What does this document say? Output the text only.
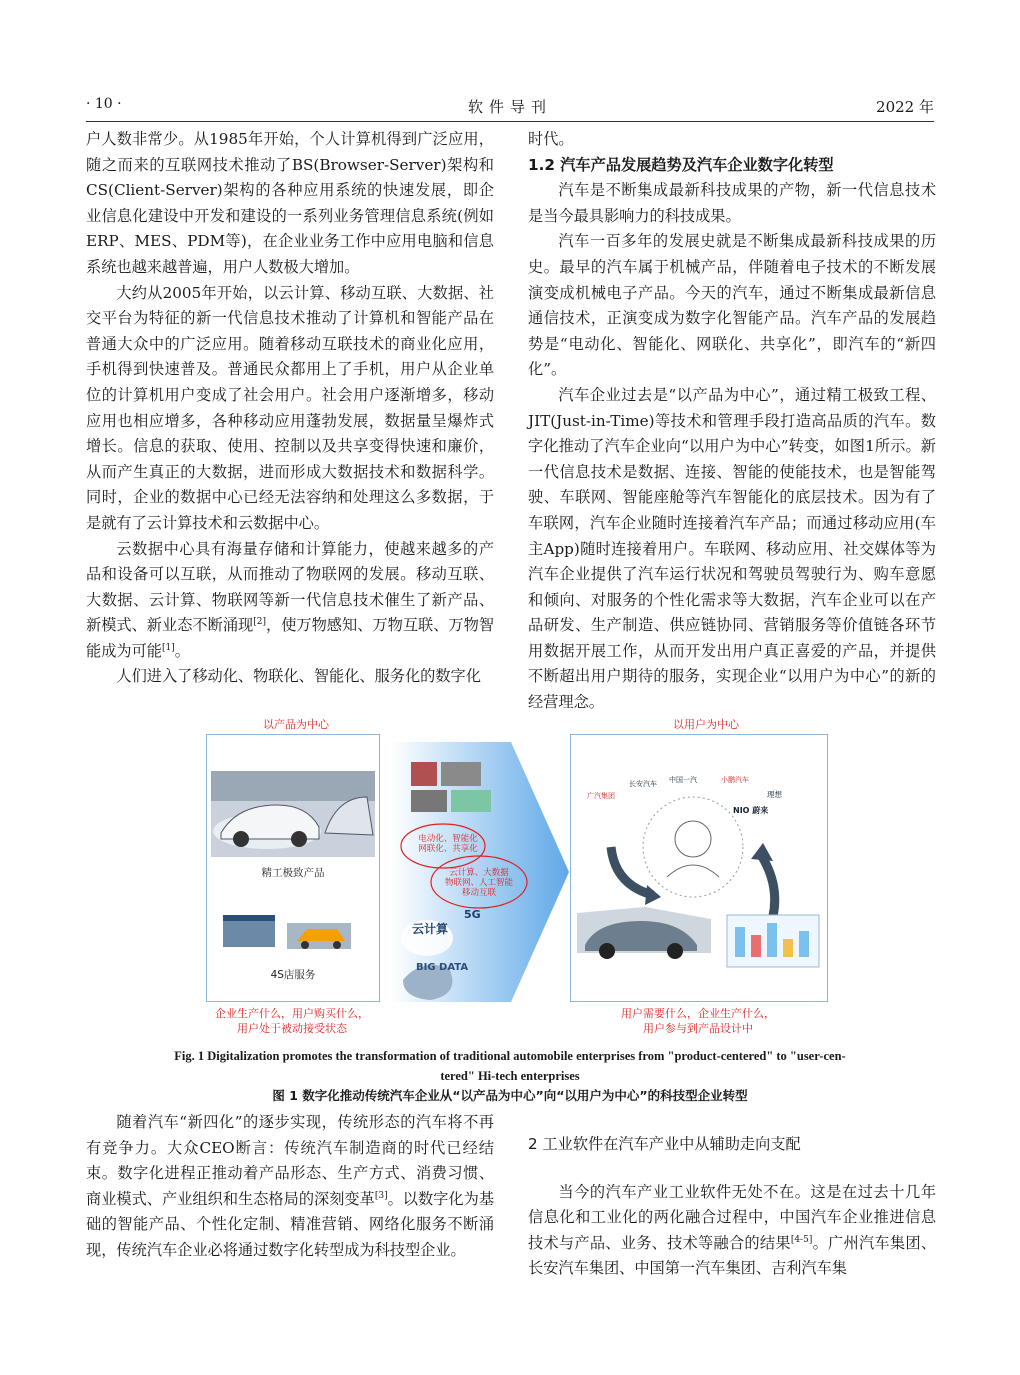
· 10 ·	软件导刊	2022 年

户人数非常少。从1985年开始，个人计算机得到广泛应用，随之而来的互联网技术推动了BS(Browser-Server)架构和CS(Client-Server)架构的各种应用系统的快速发展，即企业信息化建设中开发和建设的一系列业务管理信息系统(例如ERP、MES、PDM等)，在企业业务工作中应用电脑和信息系统也越来越普遍，用户人数极大增加。

大约从2005年开始，以云计算、移动互联、大数据、社交平台为特征的新一代信息技术推动了计算机和智能产品在普通大众中的广泛应用。随着移动互联技术的商业化应用，手机得到快速普及。普通民众都用上了手机，用户从企业单位的计算机用户变成了社会用户。社会用户逐渐增多，移动应用也相应增多，各种移动应用蓬勃发展，数据量呈爆炸式增长。信息的获取、使用、控制以及共享变得快速和廉价，从而产生真正的大数据，进而形成大数据技术和数据科学。同时，企业的数据中心已经无法容纳和处理这么多数据，于是就有了云计算技术和云数据中心。

云数据中心具有海量存储和计算能力，使越来越多的产品和设备可以互联，从而推动了物联网的发展。移动互联、大数据、云计算、物联网等新一代信息技术催生了新产品、新模式、新业态不断涌现[2]，使万物感知、万物互联、万物智能成为可能[1]。

人们进入了移动化、物联化、智能化、服务化的数字化

时代。

1.2 汽车产品发展趋势及汽车企业数字化转型

汽车是不断集成最新科技成果的产物，新一代信息技术是当今最具影响力的科技成果。

汽车一百多年的发展史就是不断集成最新科技成果的历史。最早的汽车属于机械产品，伴随着电子技术的不断发展演变成机械电子产品。今天的汽车，通过不断集成最新信息通信技术，正演变成为数字化智能产品。汽车产品的发展趋势是“电动化、智能化、网联化、共享化”，即汽车的“新四化”。

汽车企业过去是“以产品为中心”，通过精工极致工程、JIT(Just-in-Time)等技术和管理手段打造高品质的汽车。数字化推动了汽车企业向“以用户为中心”转变，如图1所示。新一代信息技术是数据、连接、智能的使能技术，也是智能驾驶、车联网、智能座舱等汽车智能化的底层技术。因为有了车联网，汽车企业随时连接着汽车产品；而通过移动应用(车主App)随时连接着用户。车联网、移动应用、社交媒体等为汽车企业提供了汽车运行状况和驾驶员驾驶行为、购车意愿和倾向、对服务的个性化需求等大数据，汽车企业可以在产品研发、生产制造、供应链协同、营销服务等价值链各环节用数据开展工作，从而开发出用户真正喜爱的产品，并提供不断超出用户期待的服务，实现企业“以用户为中心”的新的经营理念。

以产品为中心	以用户为中心
精工极致产品
4S店服务
企业生产什么，用户购买什么，
用户处于被动接受状态
电动化、智能化
网联化、共享化
云计算、大数据
物联网、人工智能
移动互联
云计算
5G
BIG DATA
广汽集团
长安汽车 中国一汽	小鹏汽车
理想
NIO 蔚来
用户需要什么，企业生产什么，
用户参与到产品设计中
Fig. 1 Digitalization promotes the transformation of traditional automobile enterprises from "product-centered" to "user-cen-
tered" Hi-tech enterprises
图 1 数字化推动传统汽车企业从“以产品为中心”向“以用户为中心”的科技型企业转型

随着汽车“新四化”的逐步实现，传统形态的汽车将不再有竞争力。大众CEO断言：传统汽车制造商的时代已经结束。数字化进程正推动着产品形态、生产方式、消费习惯、商业模式、产业组织和生态格局的深刻变革[3]。以数字化为基础的智能产品、个性化定制、精准营销、网络化服务不断涌现，传统汽车企业必将通过数字化转型成为科技型企业。

2 工业软件在汽车产业中从辅助走向支配

当今的汽车产业工业软件无处不在。这是在过去十几年信息化和工业化的两化融合过程中，中国汽车企业推进信息技术与产品、业务、技术等融合的结果[4-5]。广州汽车集团、长安汽车集团、中国第一汽车集团、吉利汽车集
